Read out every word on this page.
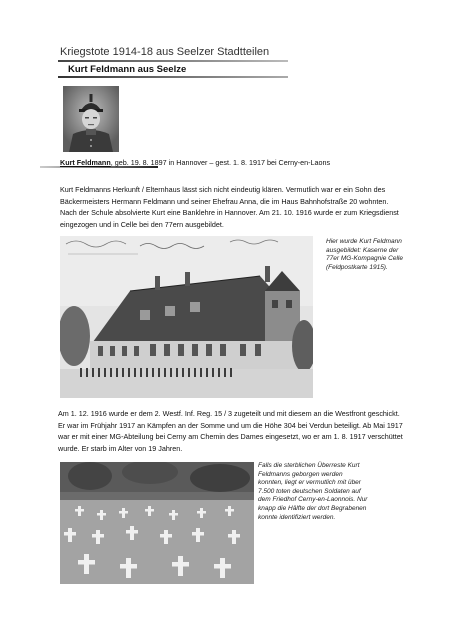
Kriegstote 1914-18 aus Seelzer Stadtteilen
Kurt Feldmann aus Seelze
Kurt Feldmann, geb. 19. 8. 1897 in Hannover – gest. 1. 8. 1917 bei Cerny-en-Laons
Kurt Feldmanns Herkunft / Elternhaus lässt sich nicht eindeutig klären. Vermutlich war er ein Sohn des Bäckermeisters Hermann Feldmann und seiner Ehefrau Anna, die im Haus Bahnhofstraße 20 wohnten. Nach der Schule absolvierte Kurt eine Banklehre in Hannover. Am 21. 10. 1916 wurde er zum Kriegsdienst eingezogen und in Celle bei den 77ern ausgebildet.
Hier wurde Kurt Feldmann ausgebildet: Kaserne der 77er MG-Kompagnie Celle (Feldpostkarte 1915).
Am 1. 12. 1916 wurde er dem 2. Westf. Inf. Reg. 15 / 3 zugeteilt und mit diesem an die Westfront geschickt. Er war im Frühjahr 1917 an Kämpfen an der Somme und um die Höhe 304 bei Verdun beteiligt. Ab Mai 1917 war er mit einer MG-Abteilung bei Cerny am Chemin des Dames eingesetzt, wo er am 1. 8. 1917 verschüttet wurde. Er starb im Alter von 19 Jahren.
Falls die sterblichen Überreste Kurt Feldmanns geborgen werden konnten, liegt er vermutlich mit über 7.500 toten deutschen Soldaten auf dem Friedhof Cerny-en-Laonnois. Nur knapp die Hälfte der dort Begrabenen konnte identifiziert werden.
